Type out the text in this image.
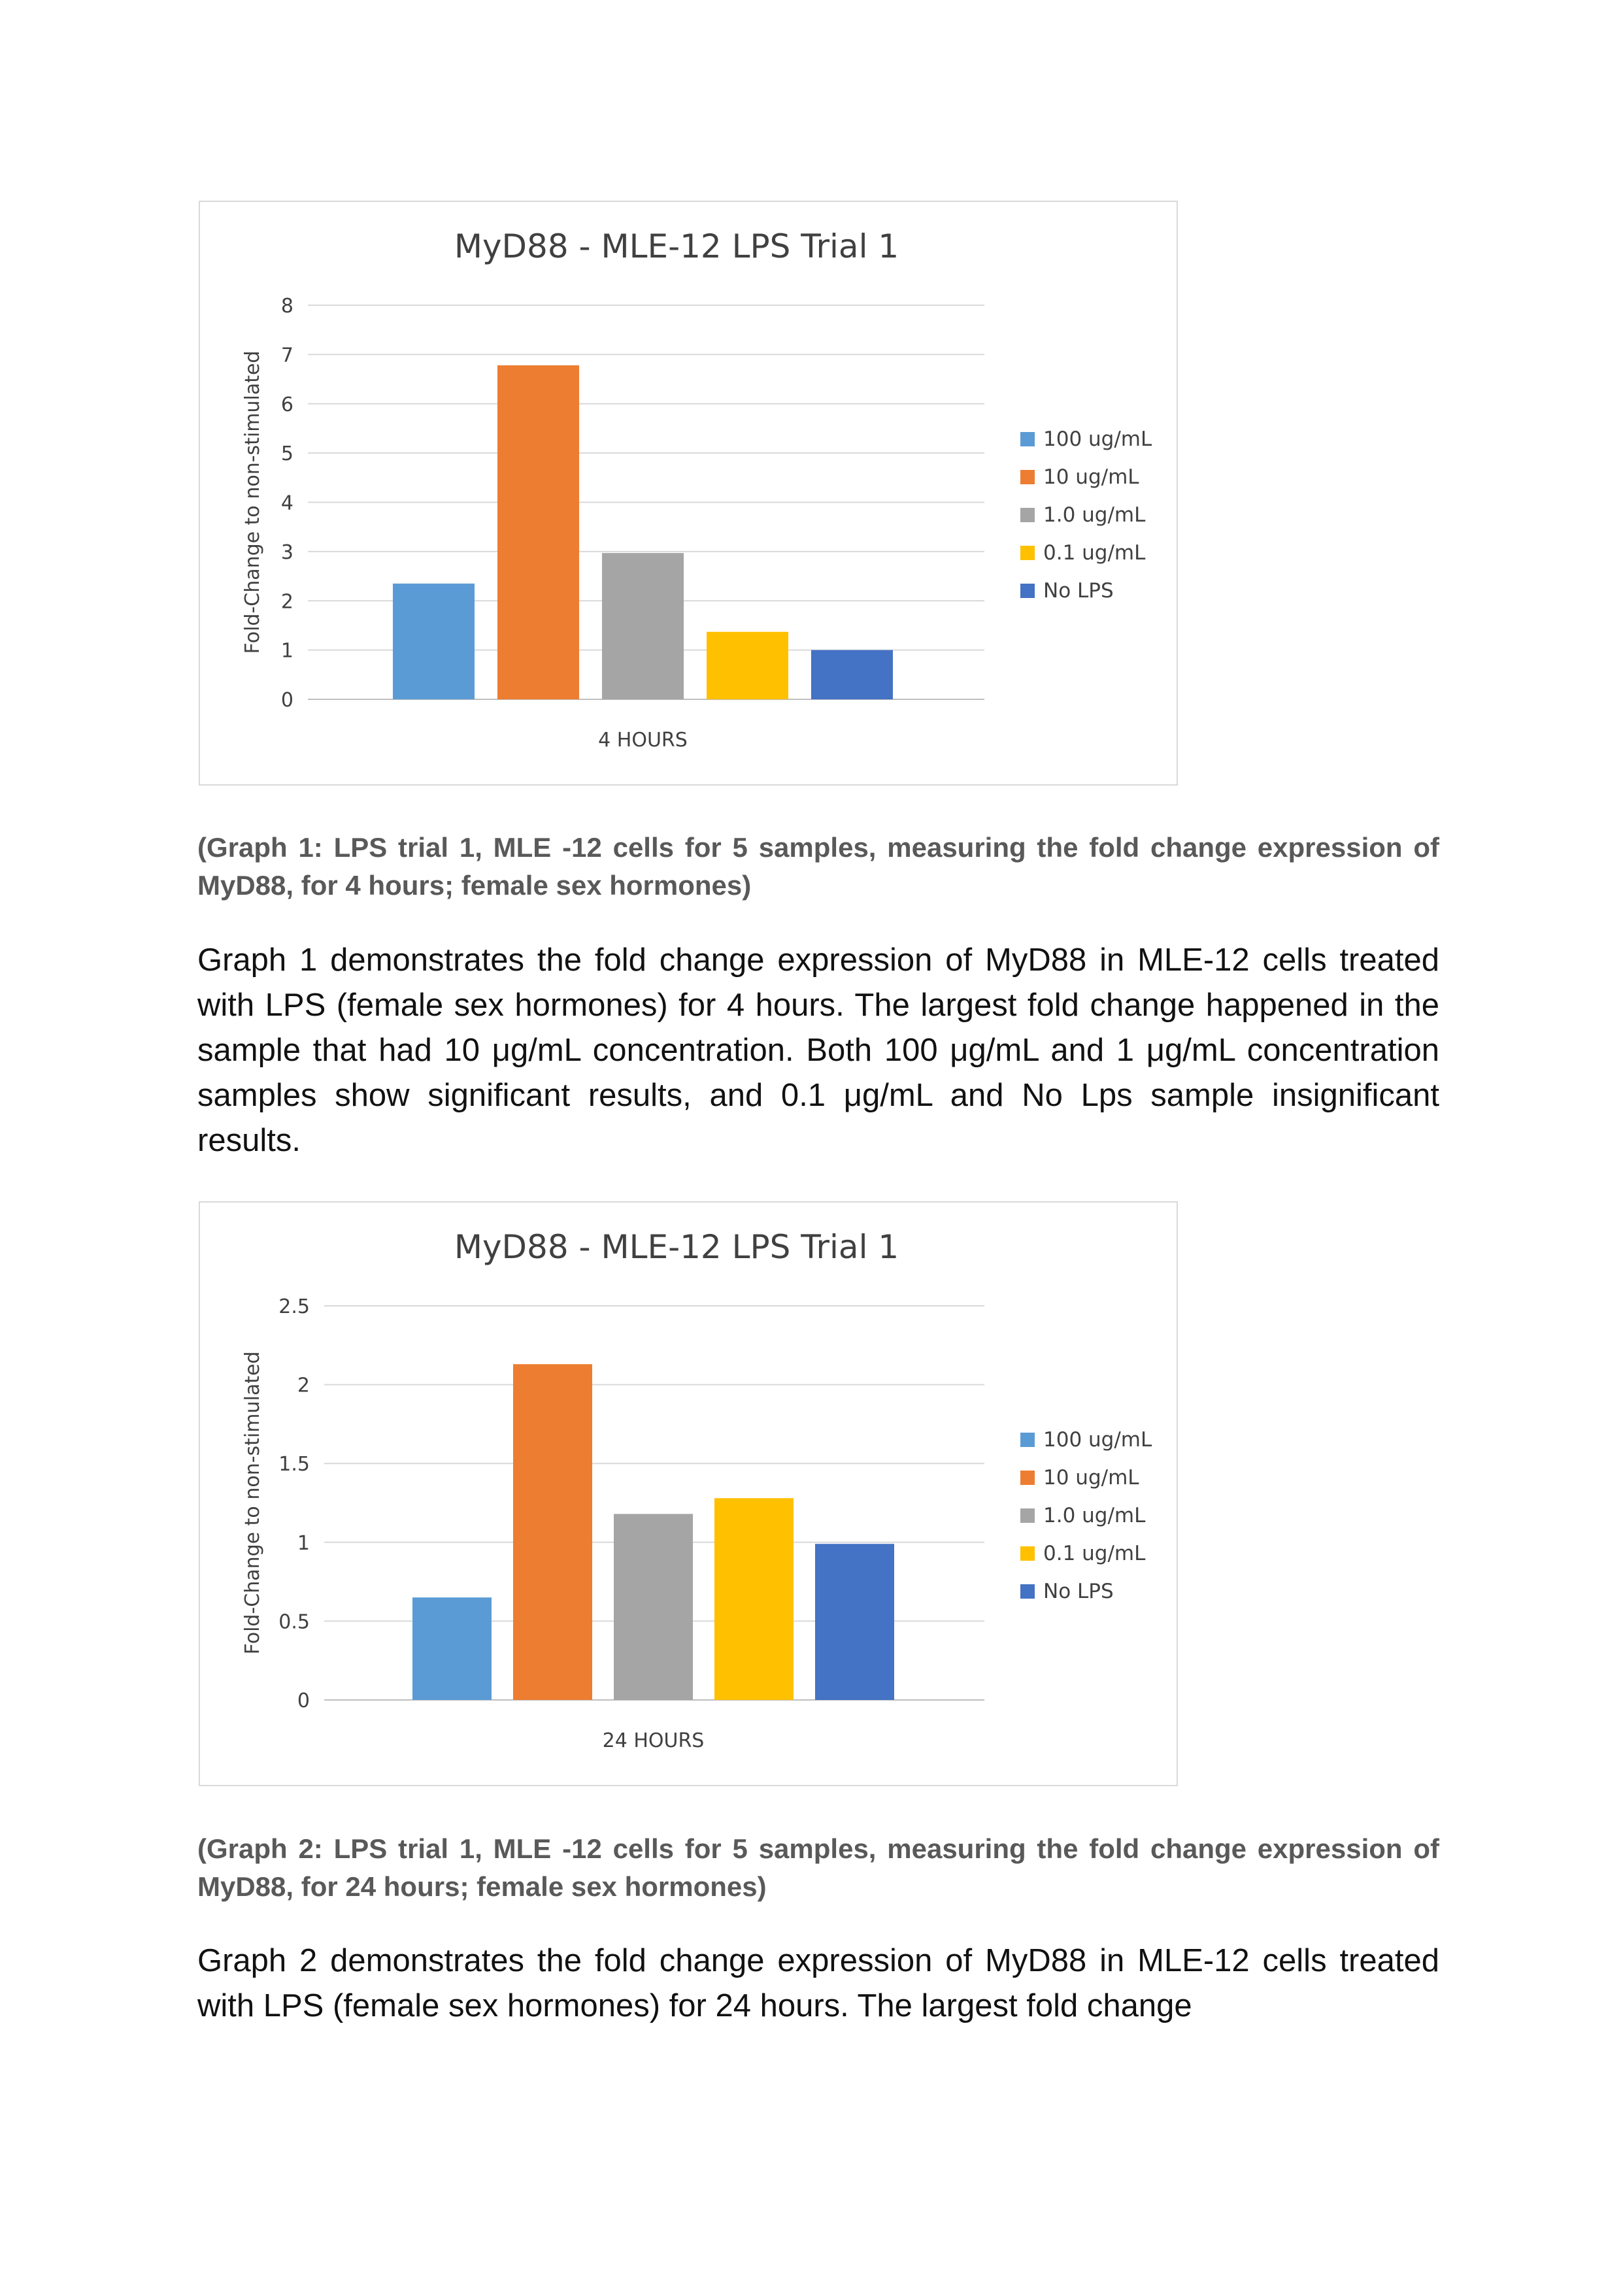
MyD88 - MLE-12 LPS Trial 1
0
1
2
3
4
5
6
7
8
Fold-Change to non-stimulated
4 HOURS
100 ug/mL
10 ug/mL
1.0 ug/mL
0.1 ug/mL
No LPS
(Graph 1: LPS trial 1, MLE -12 cells for 5 samples, measuring the fold change expression of MyD88, for 4 hours; female sex hormones)
Graph 1 demonstrates the fold change expression of MyD88 in MLE-12 cells treated with LPS (female sex hormones) for 4 hours. The largest fold change happened in the sample that had 10 μg/mL concentration. Both 100 μg/mL and 1 μg/mL concentration samples show significant results, and 0.1 μg/mL and No Lps sample insignificant results.
MyD88 - MLE-12 LPS Trial 1
0
0.5
1
1.5
2
2.5
Fold-Change to non-stimulated
24 HOURS
100 ug/mL
10 ug/mL
1.0 ug/mL
0.1 ug/mL
No LPS
(Graph 2: LPS trial 1, MLE -12 cells for 5 samples, measuring the fold change expression of MyD88, for 24 hours; female sex hormones)
Graph 2 demonstrates the fold change expression of MyD88 in MLE-12 cells treated with LPS (female sex hormones) for 24 hours. The largest fold change
